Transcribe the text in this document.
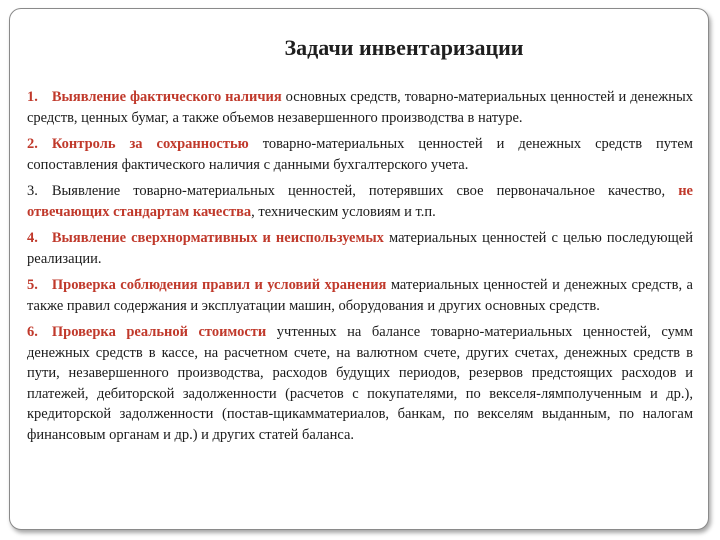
Задачи инвентаризации

1. Выявление фактического наличия основных средств, товарно-материальных ценностей и денежных средств, ценных бумаг, а также объемов незавершенного производства в натуре.

2. Контроль за сохранностью товарно-материальных ценностей и денежных средств путем сопоставления фактического наличия с данными бухгалтерского учета.

3. Выявление товарно-материальных ценностей, потерявших свое первоначальное качество, не отвечающих стандартам качества, техническим условиям и т.п.

4. Выявление сверхнормативных и неиспользуемых материальных ценностей с целью последующей реализации.

5. Проверка соблюдения правил и условий хранения материальных ценностей и денежных средств, а также правил содержания и эксплуатации машин, оборудования и других основных средств.

6. Проверка реальной стоимости учтенных на балансе товарно-материальных ценностей, сумм денежных средств в кассе, на расчетном счете, на валютном счете, других счетах, денежных средств в пути, незавершенного производства, расходов будущих периодов, резервов предстоящих расходов и платежей, дебиторской задолженности (расчетов с покупателями, по векселя-лямполученным и др.), кредиторской задолженности (постав-щикамматериалов, банкам, по векселям выданным, по налогам финансовым органам и др.) и других статей баланса.
